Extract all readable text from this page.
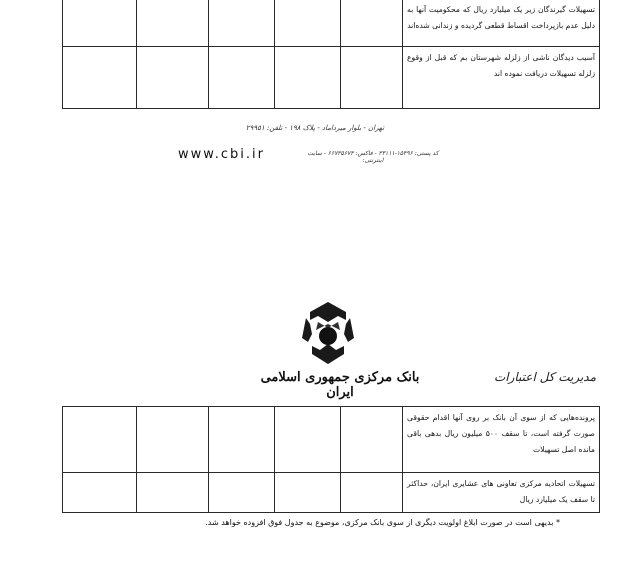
					تسهیلات گیرندگان زیر یک میلیارد ریال که محکومیت آنها به دلیل عدم بازپرداخت اقساط قطعی گردیده و زندانی شده‌اند
					آسیب دیدگان ناشی از زلزله شهرستان بم که قبل از وقوع زلزله تسهیلات دریافت نموده اند
تهران - بلوار میرداماد - پلاک ۱۹۸ - تلفن: ۲۹۹۵۱
کد پستی: ۱۵۴۹۶-۳۳۱۱۱ - فاکس: ۶۶۷۳۵۶۷۴ - سایت اینترنتی:
www.cbi.ir
بانک مرکزی جمهوری اسلامی ایران
مدیریت کل اعتبارات
					پرونده‌هایی که از سوی آن بانک بر روی آنها اقدام حقوقی صورت گرفته است، تا سقف ۵۰۰ میلیون ریال بدهی باقی مانده اصل تسهیلات
					تسهیلات اتحادیه مرکزی تعاونی های عشایری ایران، حداکثر تا سقف یک میلیارد ریال
* بدیهی است در صورت ابلاغ اولویت دیگری از سوی بانک مرکزی، موضوع به جدول فوق افزوده خواهد شد.
